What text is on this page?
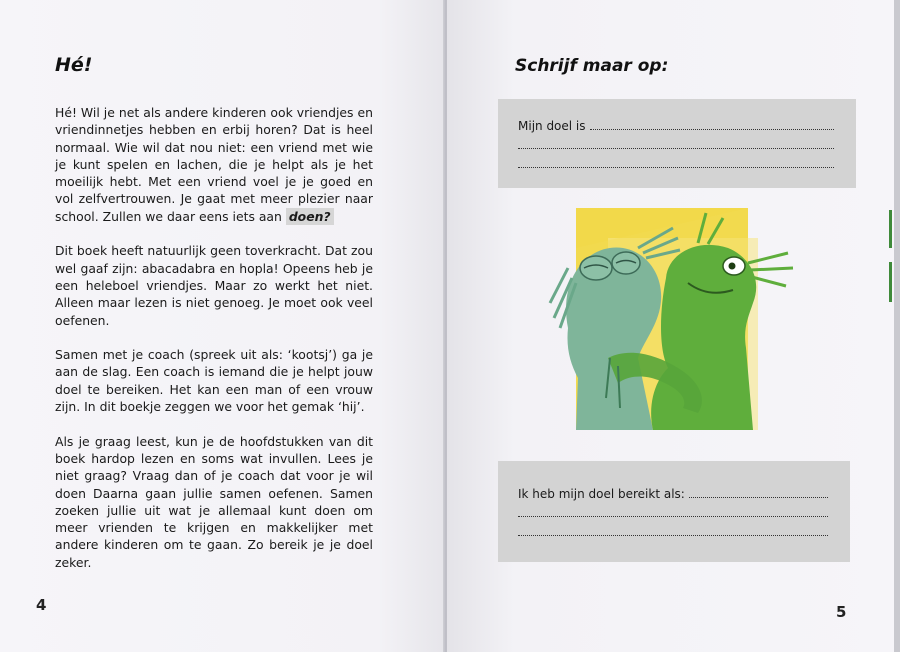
Hé!

Hé! Wil je net als andere kinderen ook vriendjes en vriendinnetjes hebben en erbij horen? Dat is heel normaal. Wie wil dat nou niet: een vriend met wie je kunt spelen en lachen, die je helpt als je het moeilijk hebt. Met een vriend voel je je goed en vol zelfvertrouwen. Je gaat met meer plezier naar school. Zullen we daar eens iets aan doen?

Dit boek heeft natuurlijk geen toverkracht. Dat zou wel gaaf zijn: abacadabra en hopla! Opeens heb je een heleboel vriendjes. Maar zo werkt het niet. Alleen maar lezen is niet genoeg. Je moet ook veel oefenen.

Samen met je coach (spreek uit als: ‘kootsj’) ga je aan de slag. Een coach is iemand die je helpt jouw doel te bereiken. Het kan een man of een vrouw zijn. In dit boekje zeggen we voor het gemak ‘hij’.

Als je graag leest, kun je de hoofdstukken van dit boek hardop lezen en soms wat invullen. Lees je niet graag? Vraag dan of je coach dat voor je wil doen Daarna gaan jullie samen oefenen. Samen zoeken jullie uit wat je allemaal kunt doen om meer vrienden te krijgen en makkelijker met andere kinderen om te gaan. Zo bereik je je doel zeker.

4
Schrijf maar op:
Mijn doel is
Ik heb mijn doel bereikt als:
5
